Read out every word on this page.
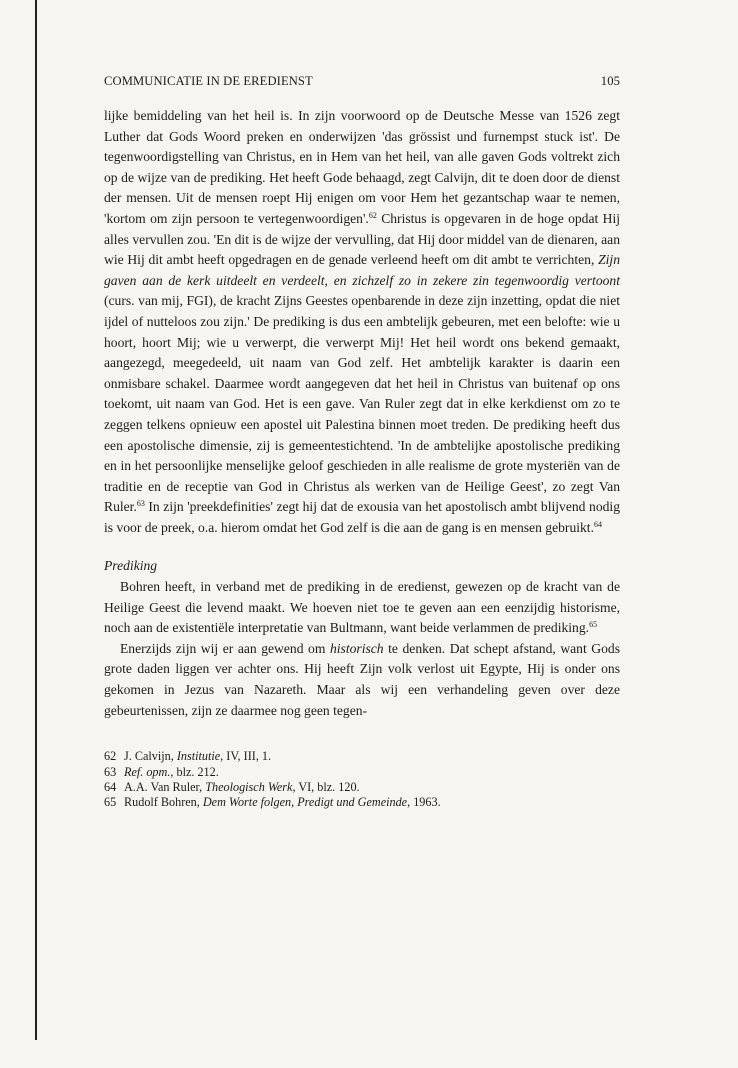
COMMUNICATIE IN DE EREDIENST	105

lijke bemiddeling van het heil is. In zijn voorwoord op de Deutsche Messe van 1526 zegt Luther dat Gods Woord preken en onderwijzen 'das grössist und furnempst stuck ist'. De tegenwoordigstelling van Christus, en in Hem van het heil, van alle gaven Gods voltrekt zich op de wijze van de prediking. Het heeft Gode behaagd, zegt Calvijn, dit te doen door de dienst der mensen. Uit de mensen roept Hij enigen om voor Hem het gezantschap waar te nemen, 'kortom om zijn persoon te vertegenwoordigen'.$^{62}$ Christus is opgevaren in de hoge opdat Hij alles vervullen zou. 'En dit is de wijze der vervulling, dat Hij door middel van de dienaren, aan wie Hij dit ambt heeft opgedragen en de genade verleend heeft om dit ambt te verrichten, Zijn gaven aan de kerk uitdeelt en verdeelt, en zichzelf zo in zekere zin tegenwoordig vertoont (curs. van mij, FGI), de kracht Zijns Geestes openbarende in deze zijn inzetting, opdat die niet ijdel of nutteloos zou zijn.' De prediking is dus een ambtelijk gebeuren, met een belofte: wie u hoort, hoort Mij; wie u verwerpt, die verwerpt Mij! Het heil wordt ons bekend gemaakt, aangezegd, meegedeeld, uit naam van God zelf. Het ambtelijk karakter is daarin een onmisbare schakel. Daarmee wordt aangegeven dat het heil in Christus van buitenaf op ons toekomt, uit naam van God. Het is een gave. Van Ruler zegt dat in elke kerkdienst om zo te zeggen telkens opnieuw een apostel uit Palestina binnen moet treden. De prediking heeft dus een apostolische dimensie, zij is gemeentestichtend. 'In de ambtelijke apostolische prediking en in het persoonlijke menselijke geloof geschieden in alle realisme de grote mysteriën van de traditie en de receptie van God in Christus als werken van de Heilige Geest', zo zegt Van Ruler.$^{63}$ In zijn 'preekdefinities' zegt hij dat de exousia van het apostolisch ambt blijvend nodig is voor de preek, o.a. hierom omdat het God zelf is die aan de gang is en mensen gebruikt.$^{64}$

Prediking

Bohren heeft, in verband met de prediking in de eredienst, gewezen op de kracht van de Heilige Geest die levend maakt. We hoeven niet toe te geven aan een eenzijdig historisme, noch aan de existentiële interpretatie van Bultmann, want beide verlammen de prediking.$^{65}$

Enerzijds zijn wij er aan gewend om historisch te denken. Dat schept afstand, want Gods grote daden liggen ver achter ons. Hij heeft Zijn volk verlost uit Egypte, Hij is onder ons gekomen in Jezus van Nazareth. Maar als wij een verhandeling geven over deze gebeurtenissen, zijn ze daarmee nog geen tegen-

62 J. Calvijn, Institutie, IV, III, 1.
63 Ref. opm., blz. 212.
64 A.A. Van Ruler, Theologisch Werk, VI, blz. 120.
65 Rudolf Bohren, Dem Worte folgen, Predigt und Gemeinde, 1963.
